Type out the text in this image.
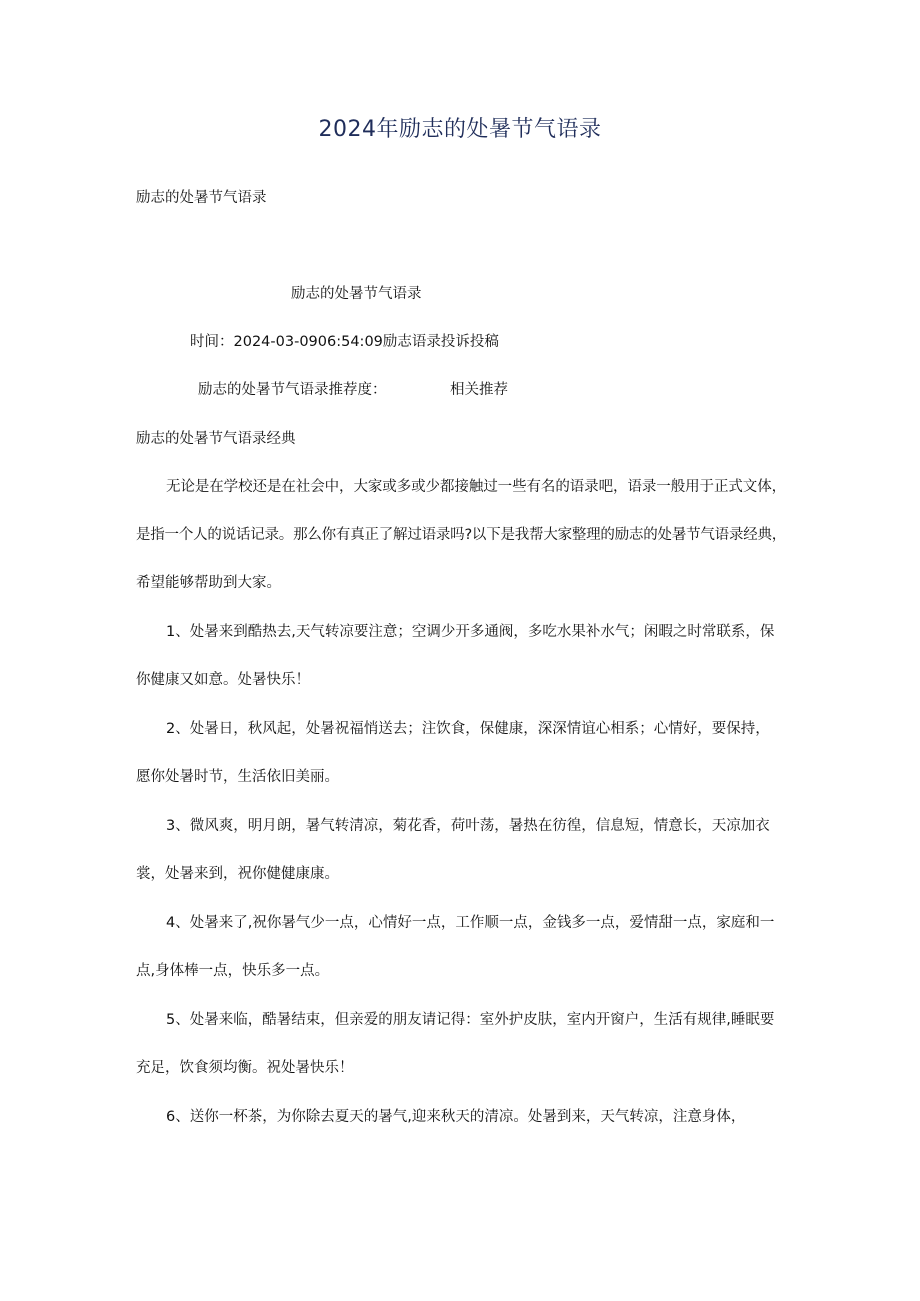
2024年励志的处暑节气语录
励志的处暑节气语录
励志的处暑节气语录
时间：2024-03-0906:54:09励志语录投诉投稿
励志的处暑节气语录推荐度：	相关推荐
励志的处暑节气语录经典
无论是在学校还是在社会中，大家或多或少都接触过一些有名的语录吧，语录一般用于正式文体，
是指一个人的说话记录。那么你有真正了解过语录吗?以下是我帮大家整理的励志的处暑节气语录经典，
希望能够帮助到大家。
1、处暑来到酷热去,天气转凉要注意；空调少开多通阀，多吃水果补水气；闲暇之时常联系，保
你健康又如意。处暑快乐！
2、处暑日，秋风起，处暑祝福悄送去；注饮食，保健康，深深情谊心相系；心情好，要保持，
愿你处暑时节，生活依旧美丽。
3、微风爽，明月朗，暑气转清凉，菊花香，荷叶荡，暑热在彷徨，信息短，情意长，天凉加衣
裳，处暑来到，祝你健健康康。
4、处暑来了,祝你暑气少一点，心情好一点，工作顺一点，金钱多一点，爱情甜一点，家庭和一
点,身体棒一点，快乐多一点。
5、处暑来临，酷暑结束，但亲爱的朋友请记得：室外护皮肤，室内开窗户，生活有规律,睡眠要
充足，饮食须均衡。祝处暑快乐！
6、送你一杯茶，为你除去夏天的暑气,迎来秋天的清凉。处暑到来，天气转凉，注意身体，
